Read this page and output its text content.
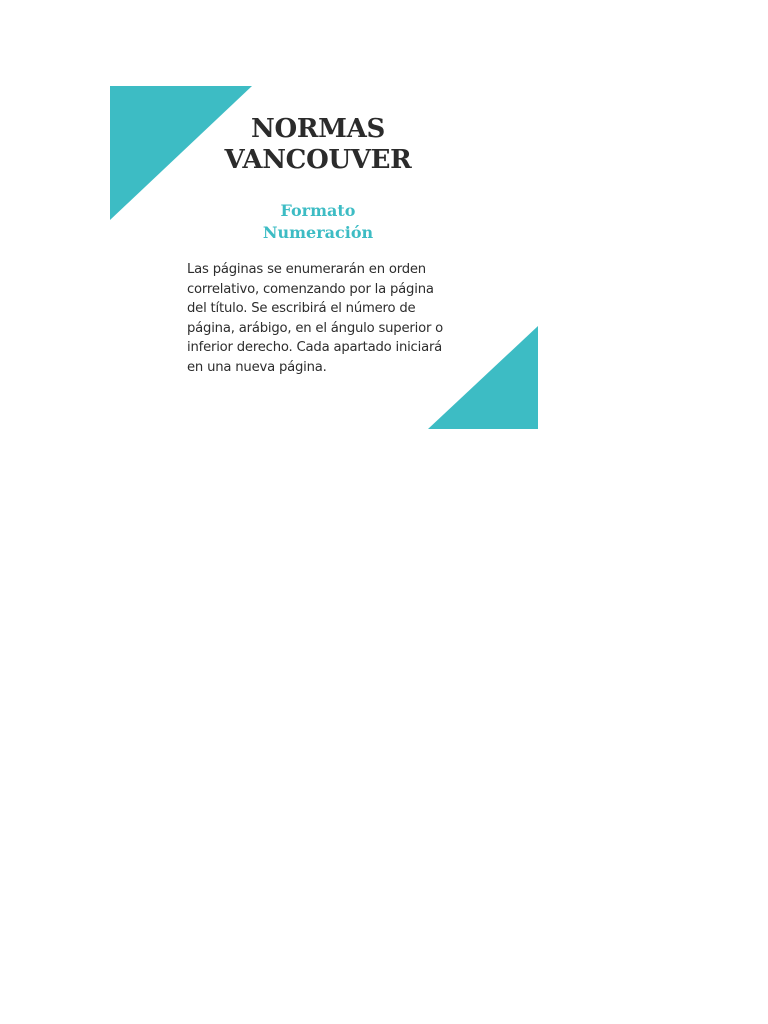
NORMAS
VANCOUVER
Formato
Numeración

Las páginas se enumerarán en orden correlativo, comenzando por la página del título. Se escribirá el número de página, arábigo, en el ángulo superior o inferior derecho. Cada apartado iniciará en una nueva página.
